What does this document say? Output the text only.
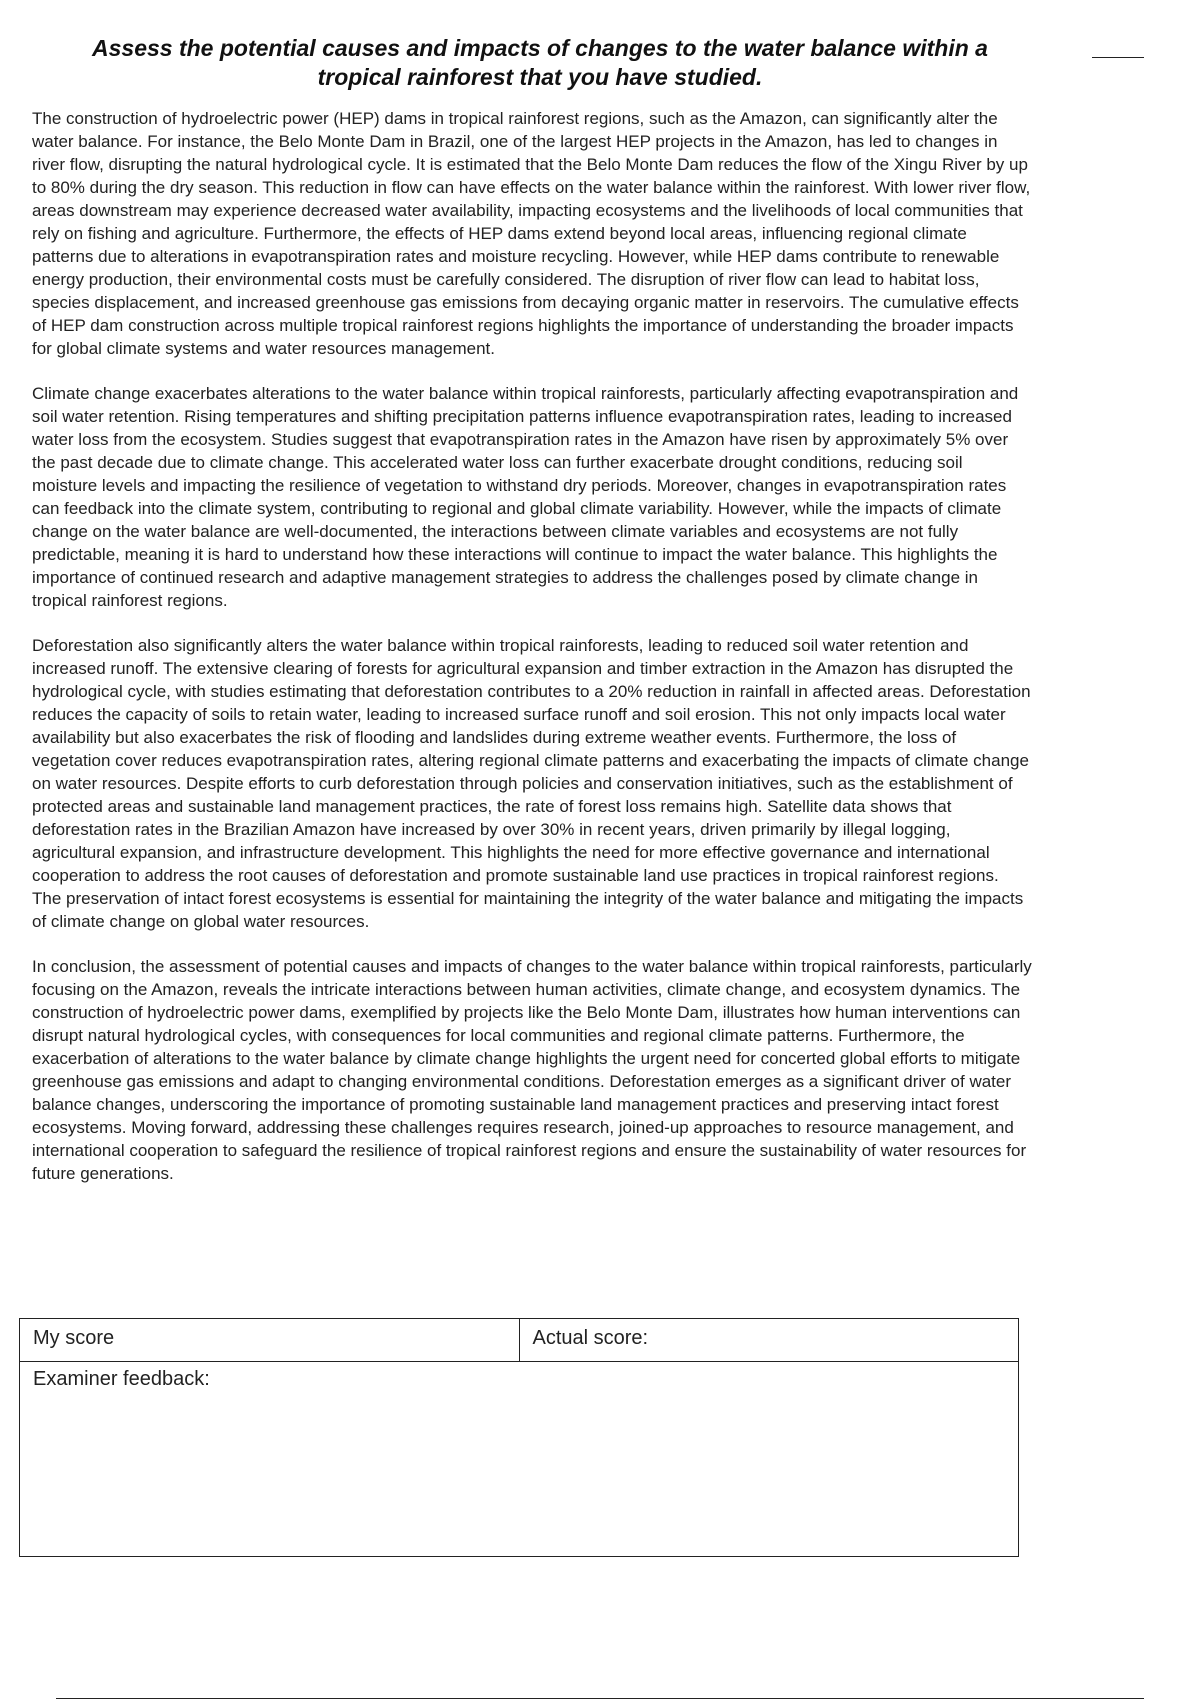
Assess the potential causes and impacts of changes to the water balance within a
tropical rainforest that you have studied.

The construction of hydroelectric power (HEP) dams in tropical rainforest regions, such as the Amazon, can significantly alter the water balance. For instance, the Belo Monte Dam in Brazil, one of the largest HEP projects in the Amazon, has led to changes in river flow, disrupting the natural hydrological cycle. It is estimated that the Belo Monte Dam reduces the flow of the Xingu River by up to 80% during the dry season. This reduction in flow can have effects on the water balance within the rainforest. With lower river flow, areas downstream may experience decreased water availability, impacting ecosystems and the livelihoods of local communities that rely on fishing and agriculture. Furthermore, the effects of HEP dams extend beyond local areas, influencing regional climate patterns due to alterations in evapotranspiration rates and moisture recycling. However, while HEP dams contribute to renewable energy production, their environmental costs must be carefully considered. The disruption of river flow can lead to habitat loss, species displacement, and increased greenhouse gas emissions from decaying organic matter in reservoirs. The cumulative effects of HEP dam construction across multiple tropical rainforest regions highlights the importance of understanding the broader impacts for global climate systems and water resources management.

Climate change exacerbates alterations to the water balance within tropical rainforests, particularly affecting evapotranspiration and soil water retention. Rising temperatures and shifting precipitation patterns influence evapotranspiration rates, leading to increased water loss from the ecosystem. Studies suggest that evapotranspiration rates in the Amazon have risen by approximately 5% over the past decade due to climate change. This accelerated water loss can further exacerbate drought conditions, reducing soil moisture levels and impacting the resilience of vegetation to withstand dry periods. Moreover, changes in evapotranspiration rates can feedback into the climate system, contributing to regional and global climate variability. However, while the impacts of climate change on the water balance are well-documented, the interactions between climate variables and ecosystems are not fully predictable, meaning it is hard to understand how these interactions will continue to impact the water balance. This highlights the importance of continued research and adaptive management strategies to address the challenges posed by climate change in tropical rainforest regions.

Deforestation also significantly alters the water balance within tropical rainforests, leading to reduced soil water retention and increased runoff. The extensive clearing of forests for agricultural expansion and timber extraction in the Amazon has disrupted the hydrological cycle, with studies estimating that deforestation contributes to a 20% reduction in rainfall in affected areas. Deforestation reduces the capacity of soils to retain water, leading to increased surface runoff and soil erosion. This not only impacts local water availability but also exacerbates the risk of flooding and landslides during extreme weather events. Furthermore, the loss of vegetation cover reduces evapotranspiration rates, altering regional climate patterns and exacerbating the impacts of climate change on water resources. Despite efforts to curb deforestation through policies and conservation initiatives, such as the establishment of protected areas and sustainable land management practices, the rate of forest loss remains high. Satellite data shows that deforestation rates in the Brazilian Amazon have increased by over 30% in recent years, driven primarily by illegal logging, agricultural expansion, and infrastructure development. This highlights the need for more effective governance and international cooperation to address the root causes of deforestation and promote sustainable land use practices in tropical rainforest regions. The preservation of intact forest ecosystems is essential for maintaining the integrity of the water balance and mitigating the impacts of climate change on global water resources.

In conclusion, the assessment of potential causes and impacts of changes to the water balance within tropical rainforests, particularly focusing on the Amazon, reveals the intricate interactions between human activities, climate change, and ecosystem dynamics. The construction of hydroelectric power dams, exemplified by projects like the Belo Monte Dam, illustrates how human interventions can disrupt natural hydrological cycles, with consequences for local communities and regional climate patterns. Furthermore, the exacerbation of alterations to the water balance by climate change highlights the urgent need for concerted global efforts to mitigate greenhouse gas emissions and adapt to changing environmental conditions. Deforestation emerges as a significant driver of water balance changes, underscoring the importance of promoting sustainable land management practices and preserving intact forest ecosystems. Moving forward, addressing these challenges requires research, joined-up approaches to resource management, and international cooperation to safeguard the resilience of tropical rainforest regions and ensure the sustainability of water resources for future generations.

My score	Actual score:
Examiner feedback:
